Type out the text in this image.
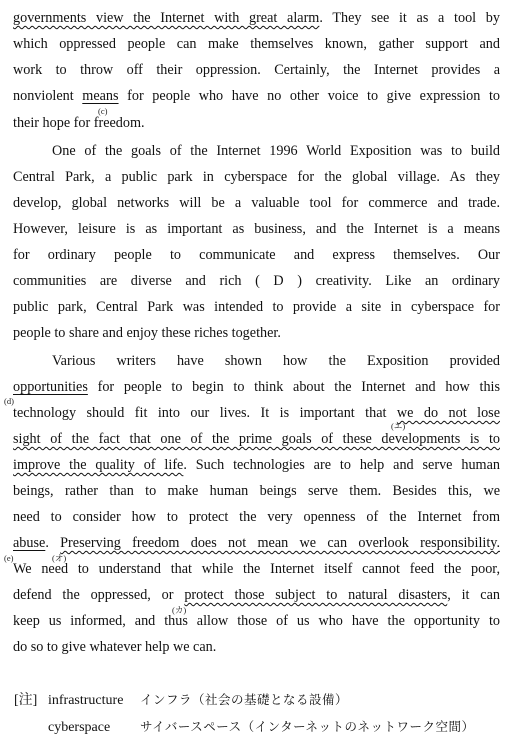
governments view the Internet with great alarm. They see it as a tool by
which oppressed people can make themselves known, gather support and
work to throw off their oppression. Certainly, the Internet provides a
nonviolent means for people who have no other voice to give expression to
(c)
their hope for freedom.
One of the goals of the Internet 1996 World Exposition was to build
Central Park, a public park in cyberspace for the global village. As they
develop, global networks will be a valuable tool for commerce and trade.
However, leisure is as important as business, and the Internet is a means
for ordinary people to communicate and express themselves. Our
communities are diverse and rich ( D ) creativity. Like an ordinary
public park, Central Park was intended to provide a site in cyberspace for
people to share and enjoy these riches together.
Various writers have shown how the Exposition provided
opportunities for people to begin to think about the Internet and how this
(d)
technology should fit into our lives. It is important that we do not lose
(エ)
sight of the fact that one of the prime goals of these developments is to
improve the quality of life. Such technologies are to help and serve human
beings, rather than to make human beings serve them. Besides this, we
need to consider how to protect the very openness of the Internet from
abuse. Preserving freedom does not mean we can overlook responsibility.
(e)	(オ)
We need to understand that while the Internet itself cannot feed the poor,
defend the oppressed, or protect those subject to natural disasters, it can
(カ)
keep us informed, and thus allow those of us who have the opportunity to
do so to give whatever help we can.
[注] infrastructure インフラ（社会の基礎となる設備）
cyberspace サイバースペース（インターネットのネットワーク空間）
